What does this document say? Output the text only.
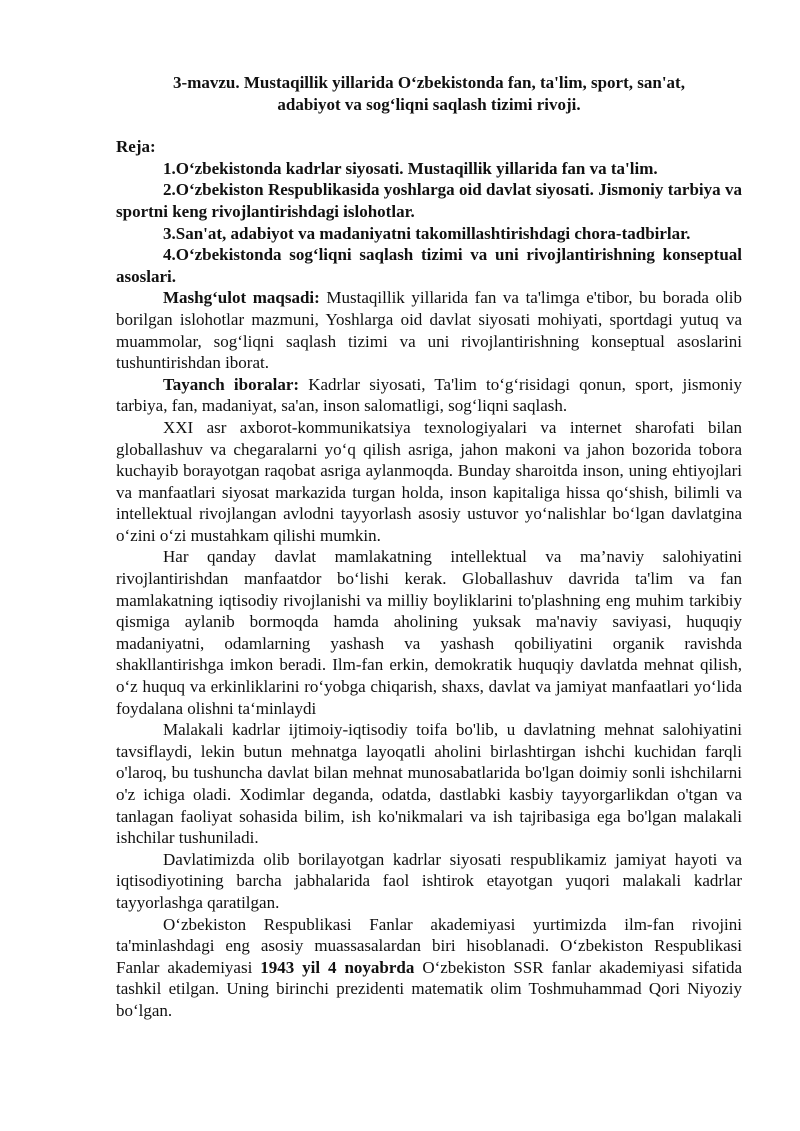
3-mavzu. Mustaqillik yillarida O‘zbekistonda fan, ta'lim, sport, san'at,
adabiyot va sog‘liqni saqlash tizimi rivoji.
Reja:

1.O‘zbekistonda kadrlar siyosati. Mustaqillik yillarida fan va ta'lim.

2.O‘zbekiston Respublikasida yoshlarga oid davlat siyosati. Jismoniy tarbiya va sportni keng rivojlantirishdagi islohotlar.

3.San'at, adabiyot va madaniyatni takomillashtirishdagi chora-tadbirlar.

4.O‘zbekistonda sog‘liqni saqlash tizimi va uni rivojlantirishning konseptual asoslari.

Mashg‘ulot maqsadi: Mustaqillik yillarida fan va ta'limga e'tibor, bu borada olib borilgan islohotlar mazmuni, Yoshlarga oid davlat siyosati mohiyati, sportdagi yutuq va muammolar, sog‘liqni saqlash tizimi va uni rivojlantirishning konseptual asoslarini tushuntirishdan iborat.

Tayanch iboralar: Kadrlar siyosati, Ta'lim to‘g‘risidagi qonun, sport, jismoniy tarbiya, fan, madaniyat, sa'an, inson salomatligi, sog‘liqni saqlash.

XXI asr axborot-kommunikatsiya texnologiyalari va internet sharofati bilan globallashuv va chegaralarni yo‘q qilish asriga, jahon makoni va jahon bozorida tobora kuchayib borayotgan raqobat asriga aylanmoqda. Bunday sharoitda inson, uning ehtiyojlari va manfaatlari siyosat markazida turgan holda, inson kapitaliga hissa qo‘shish, bilimli va intellektual rivojlangan avlodni tayyorlash asosiy ustuvor yo‘nalishlar bo‘lgan davlatgina o‘zini o‘zi mustahkam qilishi mumkin.

Har qanday davlat mamlakatning intellektual va ma’naviy salohiyatini rivojlantirishdan manfaatdor bo‘lishi kerak. Globallashuv davrida ta'lim va fan mamlakatning iqtisodiy rivojlanishi va milliy boyliklarini to'plashning eng muhim tarkibiy qismiga aylanib bormoqda hamda aholining yuksak ma'naviy saviyasi, huquqiy madaniyatni, odamlarning yashash va yashash qobiliyatini organik ravishda shakllantirishga imkon beradi. Ilm-fan erkin, demokratik huquqiy davlatda mehnat qilish, o‘z huquq va erkinliklarini ro‘yobga chiqarish, shaxs, davlat va jamiyat manfaatlari yo‘lida foydalana olishni ta‘minlaydi

Malakali kadrlar ijtimoiy-iqtisodiy toifa bo'lib, u davlatning mehnat salohiyatini tavsiflaydi, lekin butun mehnatga layoqatli aholini birlashtirgan ishchi kuchidan farqli o'laroq, bu tushuncha davlat bilan mehnat munosabatlarida bo'lgan doimiy sonli ishchilarni o'z ichiga oladi. Xodimlar deganda, odatda, dastlabki kasbiy tayyorgarlikdan o'tgan va tanlagan faoliyat sohasida bilim, ish ko'nikmalari va ish tajribasiga ega bo'lgan malakali ishchilar tushuniladi.

Davlatimizda olib borilayotgan kadrlar siyosati respublikamiz jamiyat hayoti va iqtisodiyotining barcha jabhalarida faol ishtirok etayotgan yuqori malakali kadrlar tayyorlashga qaratilgan.

O‘zbekiston Respublikasi Fanlar akademiyasi yurtimizda ilm-fan rivojini ta'minlashdagi eng asosiy muassasalardan biri hisoblanadi. O‘zbekiston Respublikasi Fanlar akademiyasi 1943 yil 4 noyabrda O‘zbekiston SSR fanlar akademiyasi sifatida tashkil etilgan. Uning birinchi prezidenti matematik olim Toshmuhammad Qori Niyoziy bo‘lgan.
